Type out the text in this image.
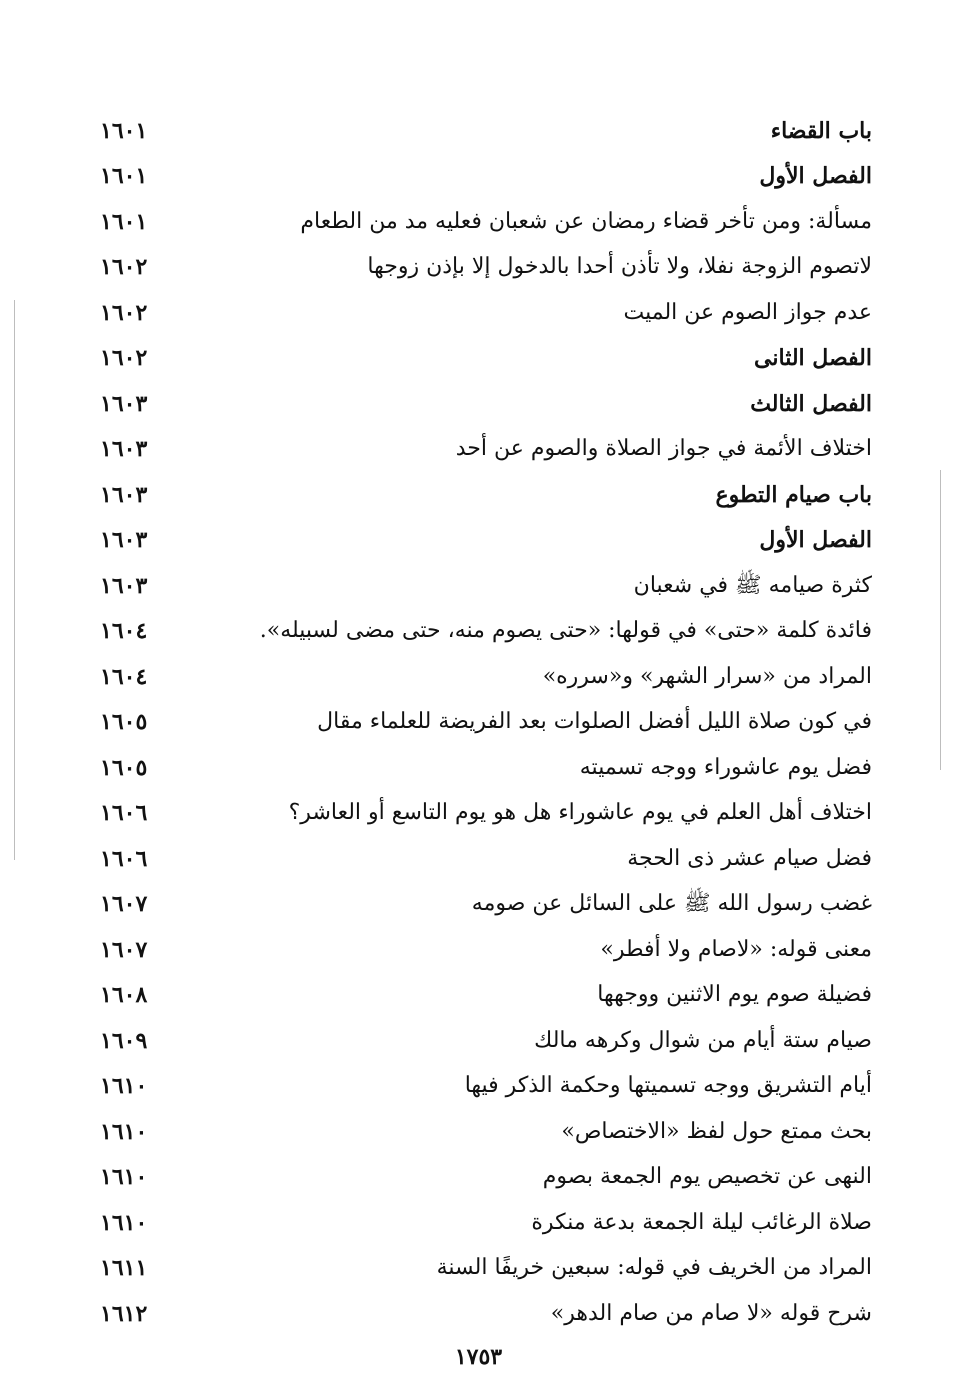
باب القضاء
١٦٠١
الفصل الأول
١٦٠١
مسألة: ومن تأخر قضاء رمضان عن شعبان فعليه مد من الطعام
١٦٠١
لاتصوم الزوجة نفلا، ولا تأذن أحدا بالدخول إلا بإذن زوجها
١٦٠٢
عدم جواز الصوم عن الميت
١٦٠٢
الفصل الثانى
١٦٠٢
الفصل الثالث
١٦٠٣
اختلاف الأئمة في جواز الصلاة والصوم عن أحد
١٦٠٣
باب صيام التطوع
١٦٠٣
الفصل الأول
١٦٠٣
كثرة صيامه ﷺ في شعبان
١٦٠٣
فائدة كلمة «حتى» في قولها: «حتى يصوم منه، حتى مضى لسبيله».
١٦٠٤
المراد من «سرار الشهر» و«سرره»
١٦٠٤
في كون صلاة الليل أفضل الصلوات بعد الفريضة للعلماء مقال
١٦٠٥
فضل يوم عاشوراء ووجه تسميته
١٦٠٥
اختلاف أهل العلم في يوم عاشوراء هل هو يوم التاسع أو العاشر؟
١٦٠٦
فضل صيام عشر ذى الحجة
١٦٠٦
غضب رسول الله ﷺ على السائل عن صومه
١٦٠٧
معنى قوله: «لاصام ولا أفطر»
١٦٠٧
فضيلة صوم يوم الاثنين ووجهها
١٦٠٨
صيام ستة أيام من شوال وكرهه مالك
١٦٠٩
أيام التشريق ووجه تسميتها وحكمة الذكر فيها
١٦١٠
بحث ممتع حول لفظ «الاختصاص»
١٦١٠
النهى عن تخصيص يوم الجمعة بصوم
١٦١٠
صلاة الرغائب ليلة الجمعة بدعة منكرة
١٦١٠
المراد من الخريف في قوله: سبعين خريفًا السنة
١٦١١
شرح قوله «لا صام من صام الدهر»
١٦١٢
١٧٥٣
